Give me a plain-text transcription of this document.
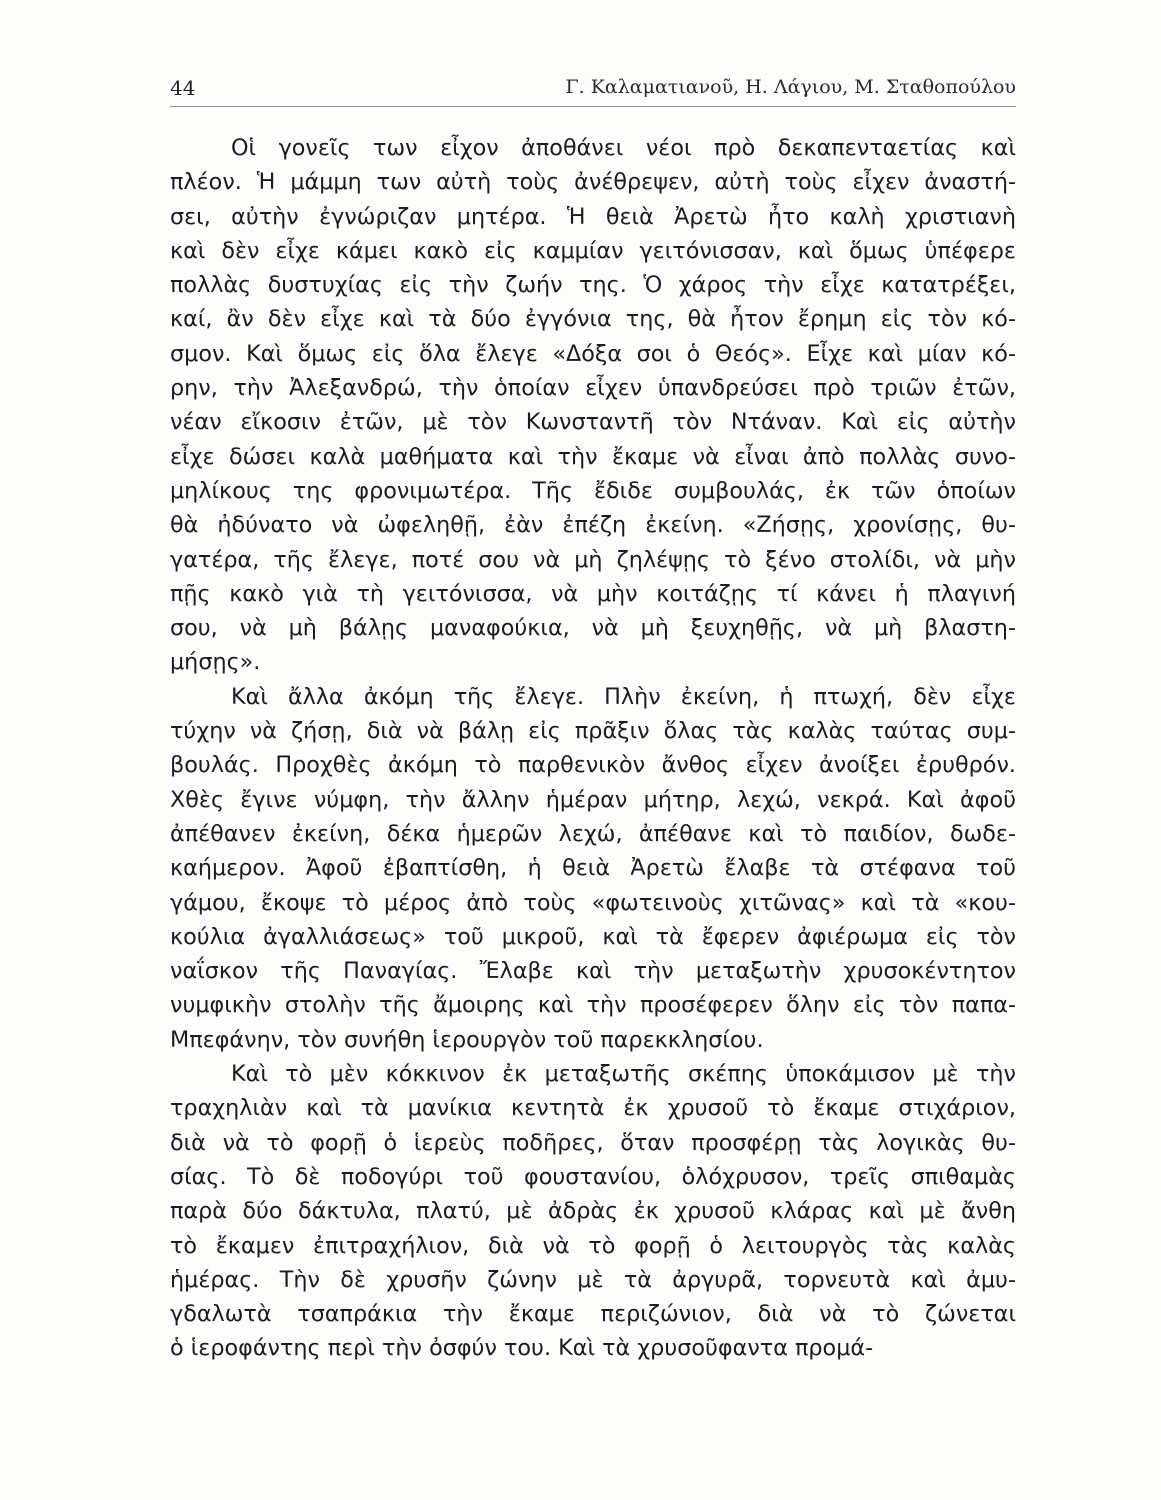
44	Γ. Καλαματιανοῦ, Η. Λάγιου, Μ. Σταθοπούλου
Οἱ γονεῖς των εἶχον ἀποθάνει νέοι πρὸ δεκαπενταετίας καὶ
πλέον. Ἡ μάμμη των αὐτὴ τοὺς ἀνέθρεψεν, αὐτὴ τοὺς εἶχεν ἀναστή-
σει, αὐτὴν ἐγνώριζαν μητέρα. Ἡ θειὰ Ἀρετὼ ἦτο καλὴ χριστιανὴ
καὶ δὲν εἶχε κάμει κακὸ εἰς καμμίαν γειτόνισσαν, καὶ ὅμως ὑπέφερε
πολλὰς δυστυχίας εἰς τὴν ζωήν της. Ὁ χάρος τὴν εἶχε κατατρέξει,
καί, ἂν δὲν εἶχε καὶ τὰ δύο ἐγγόνια της, θὰ ἦτον ἔρημη εἰς τὸν κό-
σμον. Καὶ ὅμως εἰς ὅλα ἔλεγε «Δόξα σοι ὁ Θεός». Εἶχε καὶ μίαν κό-
ρην, τὴν Ἀλεξανδρώ, τὴν ὁποίαν εἶχεν ὑπανδρεύσει πρὸ τριῶν ἐτῶν,
νέαν εἴκοσιν ἐτῶν, μὲ τὸν Κωνσταντῆ τὸν Ντάναν. Καὶ εἰς αὐτὴν
εἶχε δώσει καλὰ μαθήματα καὶ τὴν ἔκαμε νὰ εἶναι ἀπὸ πολλὰς συνο-
μηλίκους της φρονιμωτέρα. Τῆς ἔδιδε συμβουλάς, ἐκ τῶν ὁποίων
θὰ ἠδύνατο νὰ ὠφεληθῇ, ἐὰν ἐπέζη ἐκείνη. «Ζήσῃς, χρονίσῃς, θυ-
γατέρα, τῆς ἔλεγε, ποτέ σου νὰ μὴ ζηλέψῃς τὸ ξένο στολίδι, νὰ μὴν
πῇς κακὸ γιὰ τὴ γειτόνισσα, νὰ μὴν κοιτάζῃς τί κάνει ἡ πλαγινή
σου, νὰ μὴ βάλῃς μαναφούκια, νὰ μὴ ξευχηθῇς, νὰ μὴ βλαστη-
μήσῃς».
Καὶ ἄλλα ἀκόμη τῆς ἔλεγε. Πλὴν ἐκείνη, ἡ πτωχή, δὲν εἶχε
τύχην νὰ ζήσῃ, διὰ νὰ βάλῃ εἰς πρᾶξιν ὅλας τὰς καλὰς ταύτας συμ-
βουλάς. Προχθὲς ἀκόμη τὸ παρθενικὸν ἄνθος εἶχεν ἀνοίξει ἐρυθρόν.
Χθὲς ἔγινε νύμφη, τὴν ἄλλην ἡμέραν μήτηρ, λεχώ, νεκρά. Καὶ ἀφοῦ
ἀπέθανεν ἐκείνη, δέκα ἡμερῶν λεχώ, ἀπέθανε καὶ τὸ παιδίον, δωδε-
καήμερον. Ἀφοῦ ἐβαπτίσθη, ἡ θειὰ Ἀρετὼ ἔλαβε τὰ στέφανα τοῦ
γάμου, ἔκοψε τὸ μέρος ἀπὸ τοὺς «φωτεινοὺς χιτῶνας» καὶ τὰ «κου-
κούλια ἀγαλλιάσεως» τοῦ μικροῦ, καὶ τὰ ἔφερεν ἀφιέρωμα εἰς τὸν
ναΐσκον τῆς Παναγίας. Ἔλαβε καὶ τὴν μεταξωτὴν χρυσοκέντητον
νυμφικὴν στολὴν τῆς ἄμοιρης καὶ τὴν προσέφερεν ὅλην εἰς τὸν παπα-
Μπεφάνην, τὸν συνήθη ἱερουργὸν τοῦ παρεκκλησίου.
Καὶ τὸ μὲν κόκκινον ἐκ μεταξωτῆς σκέπης ὑποκάμισον μὲ τὴν
τραχηλιὰν καὶ τὰ μανίκια κεντητὰ ἐκ χρυσοῦ τὸ ἔκαμε στιχάριον,
διὰ νὰ τὸ φορῇ ὁ ἱερεὺς ποδῆρες, ὅταν προσφέρῃ τὰς λογικὰς θυ-
σίας. Τὸ δὲ ποδογύρι τοῦ φουστανίου, ὁλόχρυσον, τρεῖς σπιθαμὰς
παρὰ δύο δάκτυλα, πλατύ, μὲ ἀδρὰς ἐκ χρυσοῦ κλάρας καὶ μὲ ἄνθη
τὸ ἔκαμεν ἐπιτραχήλιον, διὰ νὰ τὸ φορῇ ὁ λειτουργὸς τὰς καλὰς
ἡμέρας. Τὴν δὲ χρυσῆν ζώνην μὲ τὰ ἀργυρᾶ, τορνευτὰ καὶ ἀμυ-
γδαλωτὰ τσαπράκια τὴν ἔκαμε περιζώνιον, διὰ νὰ τὸ ζώνεται
ὁ ἱεροφάντης περὶ τὴν ὀσφύν του. Καὶ τὰ χρυσοῦφαντα προμά-
